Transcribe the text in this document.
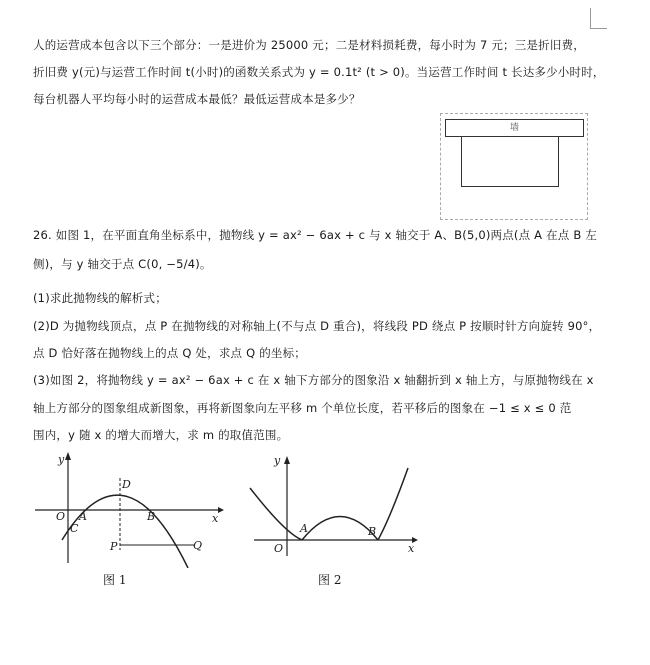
人的运营成本包含以下三个部分：一是进价为 25000 元；二是材料损耗费，每小时为 7 元；三是折旧费，
折旧费 y(元)与运营工作时间 t(小时)的函数关系式为 y = 0.1t² (t > 0)。当运营工作时间 t 长达多少小时时，
每台机器人平均每小时的运营成本最低？最低运营成本是多少？
墙
26. 如图 1，在平面直角坐标系中，抛物线 y = ax² − 6ax + c 与 x 轴交于 A、B(5,0)两点(点 A 在点 B 左
侧)，与 y 轴交于点 C(0, −5/4)。
(1)求此抛物线的解析式；
(2)D 为抛物线顶点，点 P 在抛物线的对称轴上(不与点 D 重合)，将线段 PD 绕点 P 按顺时针方向旋转 90°，
点 D 恰好落在抛物线上的点 Q 处，求点 Q 的坐标；
(3)如图 2，将抛物线 y = ax² − 6ax + c 在 x 轴下方部分的图象沿 x 轴翻折到 x 轴上方，与原抛物线在 x
轴上方部分的图象组成新图象，再将新图象向左平移 m 个单位长度，若平移后的图象在 −1 ≤ x ≤ 0 范
围内，y 随 x 的增大而增大，求 m 的取值范围。
y
x
O A	B
C
D
P	Q
图 1
y
x
O
A	B
图 2
